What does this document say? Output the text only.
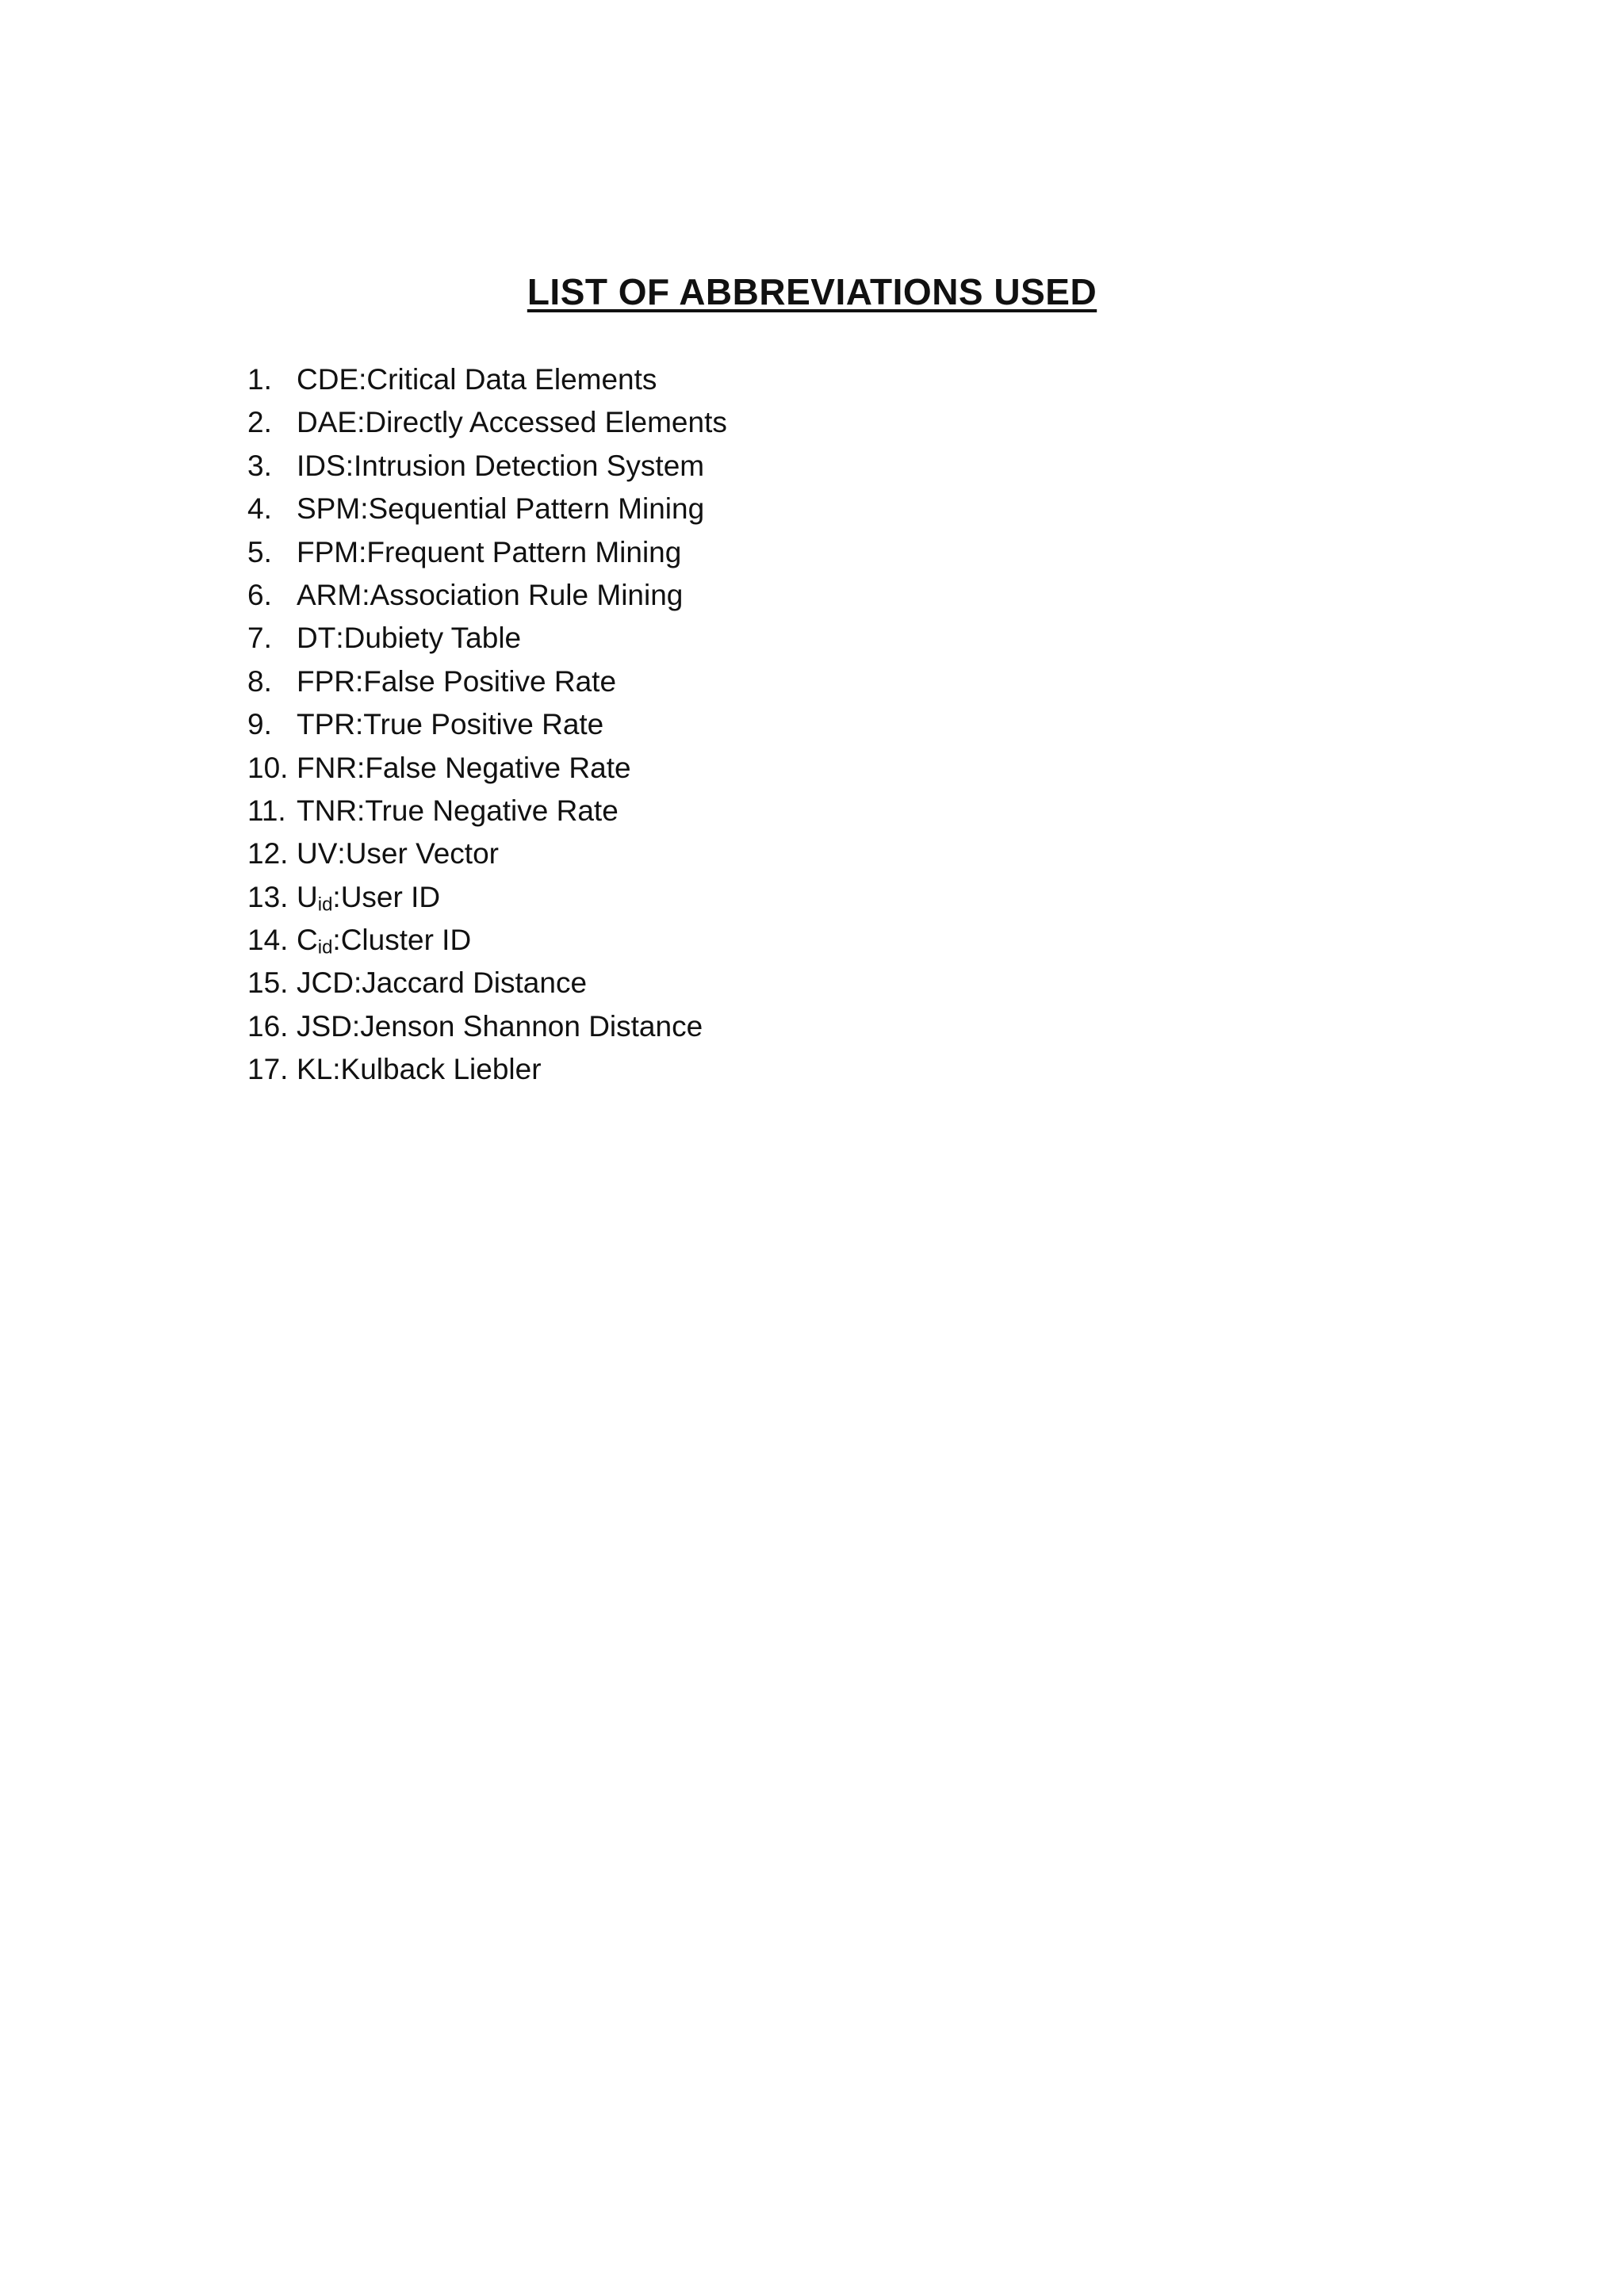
LIST OF ABBREVIATIONS USED
1. CDE: Critical Data Elements
2. DAE: Directly Accessed Elements
3. IDS: Intrusion Detection System
4. SPM: Sequential Pattern Mining
5. FPM: Frequent Pattern Mining
6. ARM: Association Rule Mining
7. DT: Dubiety Table
8. FPR: False Positive Rate
9. TPR: True Positive Rate
10. FNR: False Negative Rate
11. TNR: True Negative Rate
12. UV: User Vector
13. Uid: User ID
14. Cid: Cluster ID
15. JCD: Jaccard Distance
16. JSD: Jenson Shannon Distance
17. KL: Kulback Liebler
